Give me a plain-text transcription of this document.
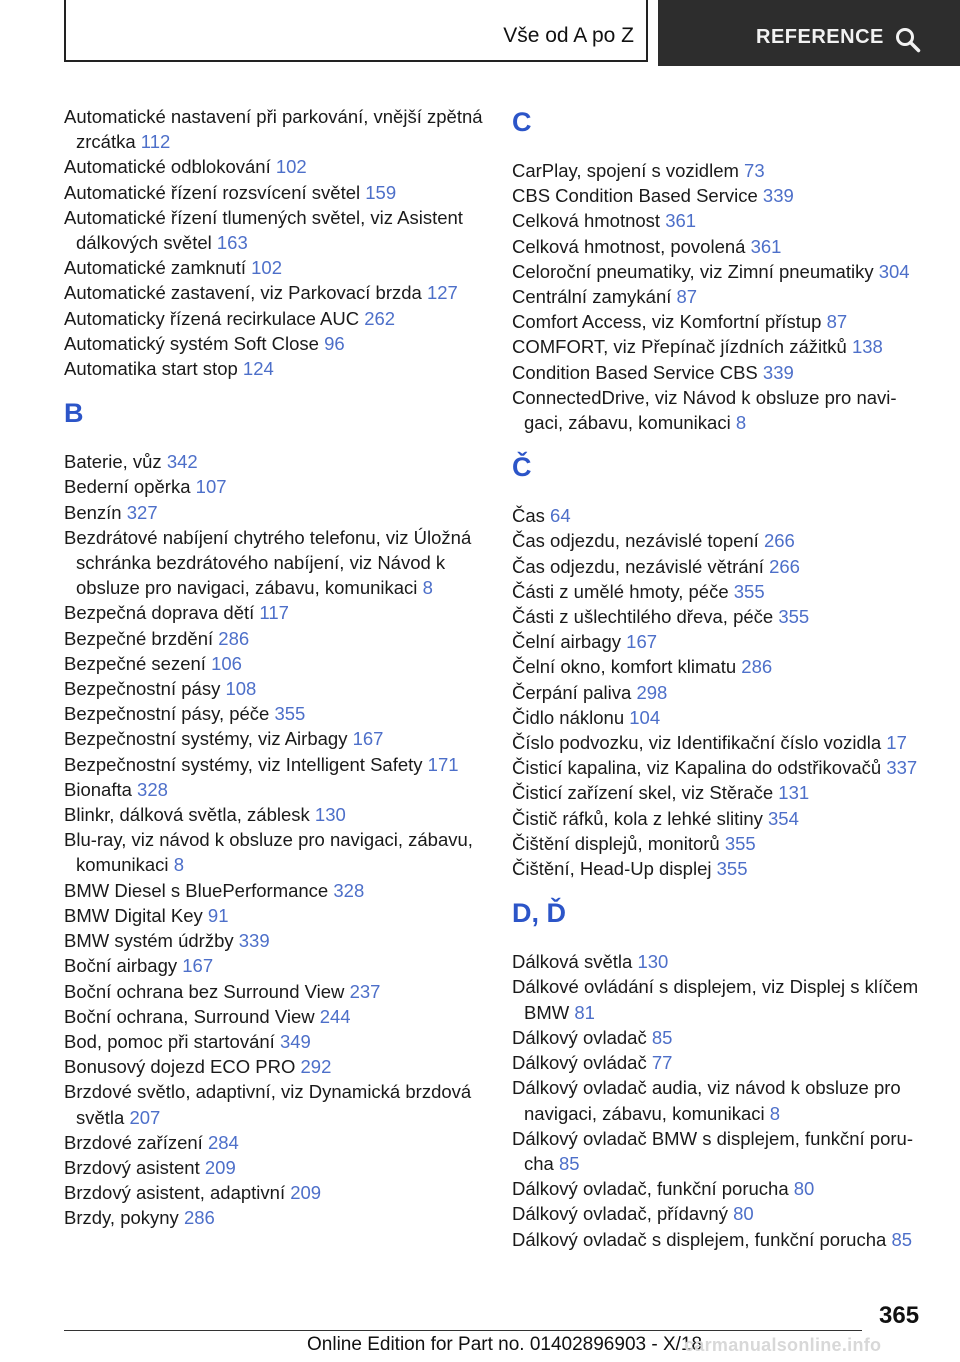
Vše od A po Z	REFERENCE
Automatické nastavení při parkování, vnější zpětná zrcátka 112
Automatické odblokování 102
Automatické řízení rozsvícení světel 159
Automatické řízení tlumených světel, viz Asistent dálkových světel 163
Automatické zamknutí 102
Automatické zastavení, viz Parkovací brzda 127
Automaticky řízená recirkulace AUC 262
Automatický systém Soft Close 96
Automatika start stop 124
B
Baterie, vůz 342
Bederní opěrka 107
Benzín 327
Bezdrátové nabíjení chytrého telefonu, viz Úložná schránka bezdrátového nabíjení, viz Návod k obsluze pro navigaci, zábavu, komunikaci 8
Bezpečná doprava dětí 117
Bezpečné brzdění 286
Bezpečné sezení 106
Bezpečnostní pásy 108
Bezpečnostní pásy, péče 355
Bezpečnostní systémy, viz Airbagy 167
Bezpečnostní systémy, viz Intelligent Safety 171
Bionafta 328
Blinkr, dálková světla, záblesk 130
Blu-ray, viz návod k obsluze pro navigaci, zábavu, komunikaci 8
BMW Diesel s BluePerformance 328
BMW Digital Key 91
BMW systém údržby 339
Boční airbagy 167
Boční ochrana bez Surround View 237
Boční ochrana, Surround View 244
Bod, pomoc při startování 349
Bonusový dojezd ECO PRO 292
Brzdové světlo, adaptivní, viz Dynamická brzdová světla 207
Brzdové zařízení 284
Brzdový asistent 209
Brzdový asistent, adaptivní 209
Brzdy, pokyny 286
C
CarPlay, spojení s vozidlem 73
CBS Condition Based Service 339
Celková hmotnost 361
Celková hmotnost, povolená 361
Celoroční pneumatiky, viz Zimní pneumatiky 304
Centrální zamykání 87
Comfort Access, viz Komfortní přístup 87
COMFORT, viz Přepínač jízdních zážitků 138
Condition Based Service CBS 339
ConnectedDrive, viz Návod k obsluze pro navi‐gaci, zábavu, komunikaci 8
Č
Čas 64
Čas odjezdu, nezávislé topení 266
Čas odjezdu, nezávislé větrání 266
Části z umělé hmoty, péče 355
Části z ušlechtilého dřeva, péče 355
Čelní airbagy 167
Čelní okno, komfort klimatu 286
Čerpání paliva 298
Čidlo náklonu 104
Číslo podvozku, viz Identifikační číslo vozidla 17
Čisticí kapalina, viz Kapalina do odstřikovačů 337
Čisticí zařízení skel, viz Stěrače 131
Čistič ráfků, kola z lehké slitiny 354
Čištění displejů, monitorů 355
Čištění, Head-Up displej 355
D, Ď
Dálková světla 130
Dálkové ovládání s displejem, viz Displej s klíčem BMW 81
Dálkový ovladač 85
Dálkový ovládač 77
Dálkový ovladač audia, viz návod k obsluze pro navigaci, zábavu, komunikaci 8
Dálkový ovladač BMW s displejem, funkční poru‐cha 85
Dálkový ovladač, funkční porucha 80
Dálkový ovladač, přídavný 80
Dálkový ovladač s displejem, funkční porucha 85
365
Online Edition for Part no. 01402896903 - X/18
carmanualsonline.info
